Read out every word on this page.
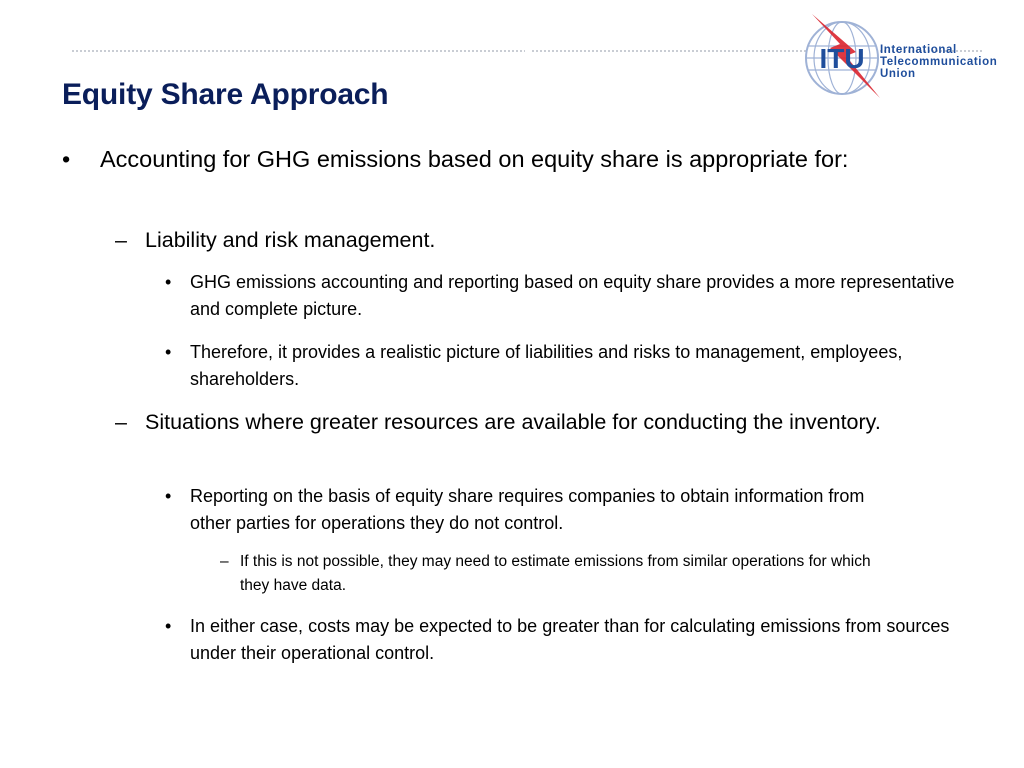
ITU International
Telecommunication
Union
Equity Share Approach
• Accounting for GHG emissions based on equity share is appropriate for:
– Liability and risk management.
• GHG emissions accounting and reporting based on equity share provides a more representative and complete picture.
• Therefore, it provides a realistic picture of liabilities and risks to management, employees, shareholders.
– Situations where greater resources are available for conducting the inventory.
• Reporting on the basis of equity share requires companies to obtain information from other parties for operations they do not control.
– If this is not possible, they may need to estimate emissions from similar operations for which they have data.
• In either case, costs may be expected to be greater than for calculating emissions from sources under their operational control.
